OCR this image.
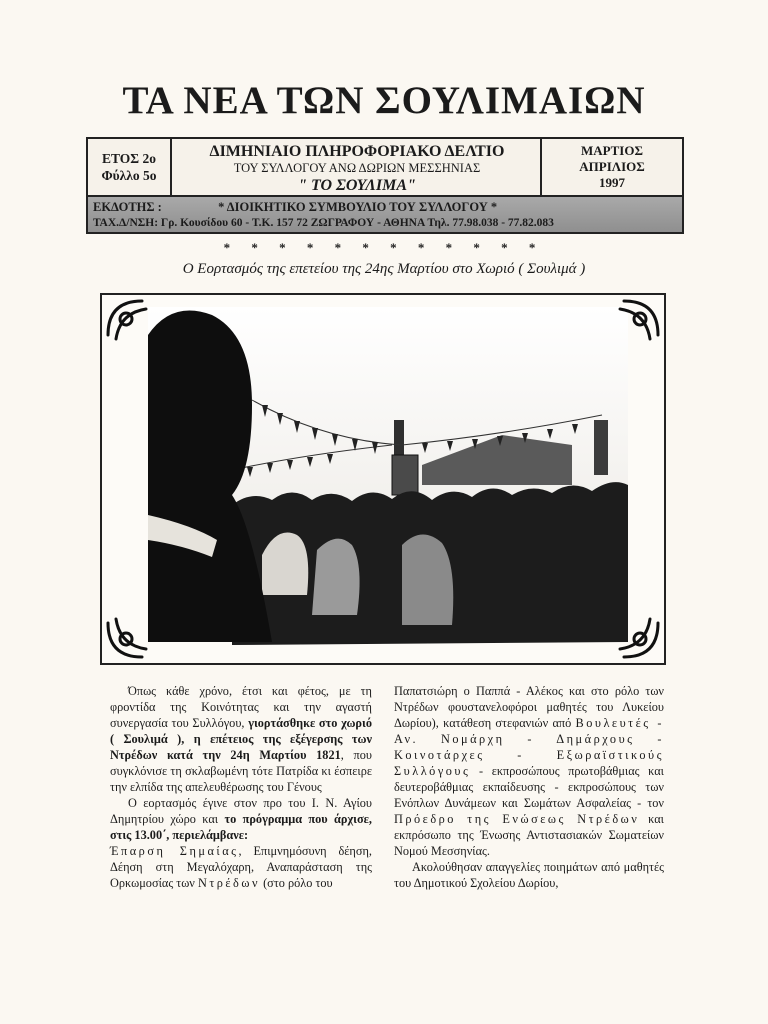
ΤΑ ΝΕΑ ΤΩΝ ΣΟΥΛΙΜΑΙΩΝ
ΕΤΟΣ 2ο
Φύλλο 5ο
ΔΙΜΗΝΙΑΙΟ ΠΛΗΡΟΦΟΡΙΑΚΟ ΔΕΛΤΙΟ
ΤΟΥ ΣΥΛΛΟΓΟΥ ΑΝΩ ΔΩΡΙΩΝ ΜΕΣΣΗΝΙΑΣ
" ΤΟ ΣΟΥΛΙΜΑ"
ΜΑΡΤΙΟΣ
ΑΠΡΙΛΙΟΣ
1997
ΕΚΔΟΤΗΣ :                  * ΔΙΟΙΚΗΤΙΚΟ ΣΥΜΒΟΥΛΙΟ ΤΟΥ ΣΥΛΛΟΓΟΥ *
ΤΑΧ.Δ/ΝΣΗ: Γρ. Κουσίδου 60 - Τ.Κ. 157 72 ΖΩΓΡΑΦΟΥ - ΑΘΗΝΑ Τηλ. 77.98.038 - 77.82.083
* * * * * * * * * * * *
Ο Εορτασμός της επετείου της 24ης Μαρτίου στο Χωριό ( Σουλιμά )

Όπως κάθε χρόνο, έτσι και φέτος, με τη φροντίδα της Κοινότητας και την αγαστή συνεργασία του Συλλόγου, γιορτάσθηκε στο χωριό ( Σουλιμά ), η επέτειος της εξέγερσης των Ντρέδων κατά την 24η Μαρτίου 1821, που συγκλόνισε τη σκλαβωμένη τότε Πατρίδα κι έσπειρε την ελπίδα της απελευθέρωσης του Γένους

Ο εορτασμός έγινε στον προ του Ι. Ν. Αγίου Δημητρίου χώρο και το πρόγραμμα που άρχισε, στις 13.00΄, περιελάμβανε:

Έπαρση Σημαίας, Επιμνημόσυνη δέηση, Δέηση στη Μεγαλόχαρη, Αναπαράσταση της Ορκωμοσίας των Ντρέδων (στο ρόλο του

Παπατσιώρη ο Παππά - Αλέκος και στο ρόλο των Ντρέδων φουστανελοφόροι μαθητές του Λυκείου Δωρίου), κατάθεση στεφανιών από Βουλευτές - Αν. Νομάρχη - Δημάρχους - Κοινοτάρχες - Εξωραϊστικούς Συλλόγους - εκπροσώπους πρωτοβάθμιας και δευτεροβάθμιας εκπαίδευσης - εκπροσώπους των Ενόπλων Δυνάμεων και Σωμάτων Ασφαλείας - τον Πρόεδρο της Ενώσεως Ντρέδων και εκπρόσωπο της Ένωσης Αντιστασιακών Σωματείων Νομού Μεσσηνίας.

Ακολούθησαν απαγγελίες ποιημάτων από μαθητές του Δημοτικού Σχολείου Δωρίου,
